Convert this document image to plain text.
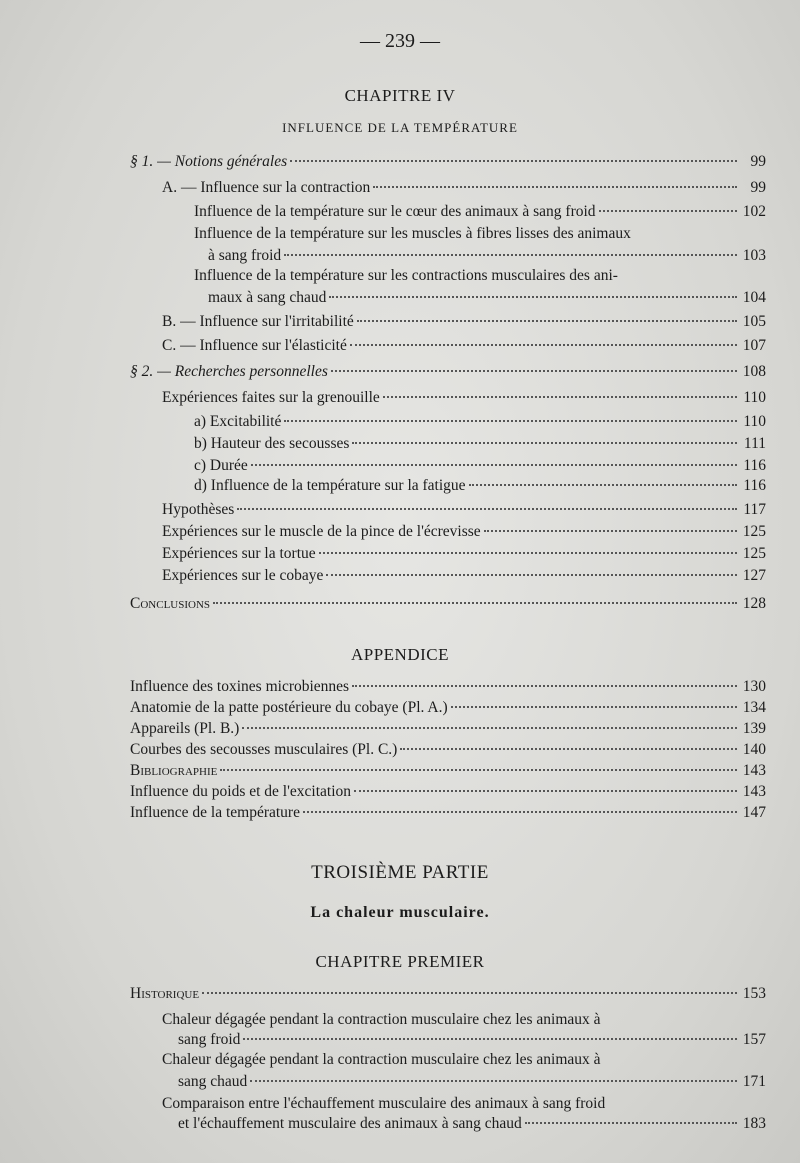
— 239 —
CHAPITRE IV
INFLUENCE DE LA TEMPÉRATURE
§ 1. — Notions générales	99
A. — Influence sur la contraction	99
Influence de la température sur le cœur des animaux à sang froid	102
Influence de la température sur les muscles à fibres lisses des animaux
à sang froid	103
Influence de la température sur les contractions musculaires des ani-
maux à sang chaud	104
B. — Influence sur l'irritabilité	105
C. — Influence sur l'élasticité	107
§ 2. — Recherches personnelles	108
Expériences faites sur la grenouille	110
a) Excitabilité	110
b) Hauteur des secousses	111
c) Durée	116
d) Influence de la température sur la fatigue	116
Hypothèses	117
Expériences sur le muscle de la pince de l'écrevisse	125
Expériences sur la tortue	125
Expériences sur le cobaye	127
Conclusions	128
APPENDICE
Influence des toxines microbiennes	130
Anatomie de la patte postérieure du cobaye (Pl. A.)	134
Appareils (Pl. B.)	139
Courbes des secousses musculaires (Pl. C.)	140
Bibliographie	143
Influence du poids et de l'excitation	143
Influence de la température	147
TROISIÈME PARTIE
La chaleur musculaire.
CHAPITRE PREMIER
Historique	153
Chaleur dégagée pendant la contraction musculaire chez les animaux à
sang froid	157
Chaleur dégagée pendant la contraction musculaire chez les animaux à
sang chaud	171
Comparaison entre l'échauffement musculaire des animaux à sang froid
et l'échauffement musculaire des animaux à sang chaud	183
